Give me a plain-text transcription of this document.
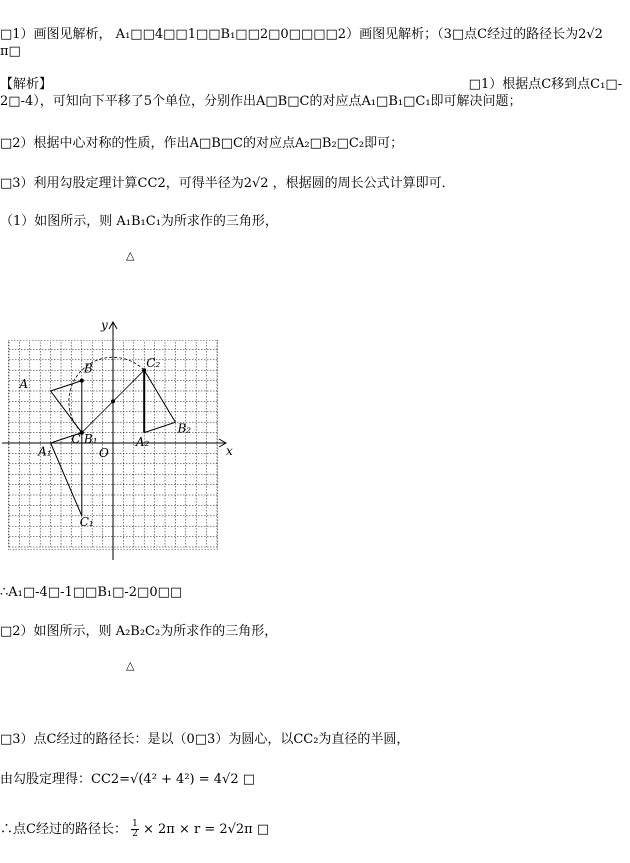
□1）画图见解析， A₁□□4□□1□□B₁□□2□0□□□□2）画图见解析；（3□点C经过的路径长为2√2
π□
【解析】	□1）根据点C移到点C₁□-
2□-4），可知向下平移了5个单位，分别作出A□B□C的对应点A₁□B₁□C₁即可解决问题；
□2）根据中心对称的性质，作出A□B□C的对应点A₂□B₂□C₂即可；
□3）利用勾股定理计算CC2，可得半径为2√2 ，根据圆的周长公式计算即可．
（1）如图所示，则 A₁B₁C₁为所求作的三角形，
△
A
B
C B₁
A₁
C₁
A₂
B₂
C₂
O	x
y
∴A₁□-4□-1□□B₁□-2□0□□
□2）如图所示，则 A₂B₂C₂为所求作的三角形，
△
□3）点C经过的路径长：是以（0□3）为圆心，以CC₂为直径的半圆，
由勾股定理得：CC2=√(4² + 4²) = 4√2 □
∴点C经过的路径长： $\frac{1}{2} \times 2\pi \times r = 2√2\pi$ □
